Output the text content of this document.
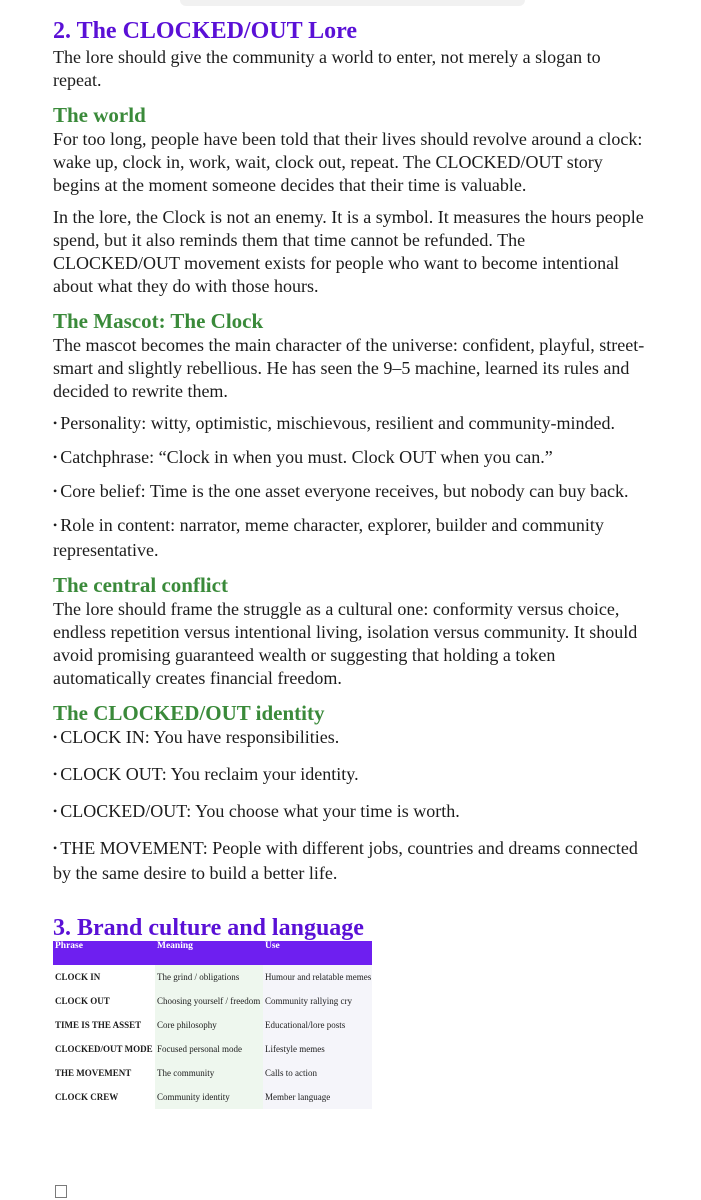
2. The CLOCKED/OUT Lore

The lore should give the community a world to enter, not merely a slogan to repeat.

The world

For too long, people have been told that their lives should revolve around a clock: wake up, clock in, work, wait, clock out, repeat. The CLOCKED/OUT story begins at the moment someone decides that their time is valuable.

In the lore, the Clock is not an enemy. It is a symbol. It measures the hours people spend, but it also reminds them that time cannot be refunded. The CLOCKED/OUT movement exists for people who want to become intentional about what they do with those hours.

The Mascot: The Clock

The mascot becomes the main character of the universe: confident, playful, street-smart and slightly rebellious. He has seen the 9–5 machine, learned its rules and decided to rewrite them.

• Personality: witty, optimistic, mischievous, resilient and community-minded.

• Catchphrase: “Clock in when you must. Clock OUT when you can.”

• Core belief: Time is the one asset everyone receives, but nobody can buy back.

• Role in content: narrator, meme character, explorer, builder and community representative.

The central conflict

The lore should frame the struggle as a cultural one: conformity versus choice, endless repetition versus intentional living, isolation versus community. It should avoid promising guaranteed wealth or suggesting that holding a token automatically creates financial freedom.

The CLOCKED/OUT identity

• CLOCK IN: You have responsibilities.

• CLOCK OUT: You reclaim your identity.

• CLOCKED/OUT: You choose what your time is worth.

• THE MOVEMENT: People with different jobs, countries and dreams connected by the same desire to build a better life.

3. Brand culture and language
Phrase	Meaning	Use
CLOCK IN	The grind / obligations	Humour and relatable memes
CLOCK OUT	Choosing yourself / freedom	Community rallying cry
TIME IS THE ASSET	Core philosophy	Educational/lore posts
CLOCKED/OUT MODE	Focused personal mode	Lifestyle memes
THE MOVEMENT	The community	Calls to action
CLOCK CREW	Community identity	Member language
